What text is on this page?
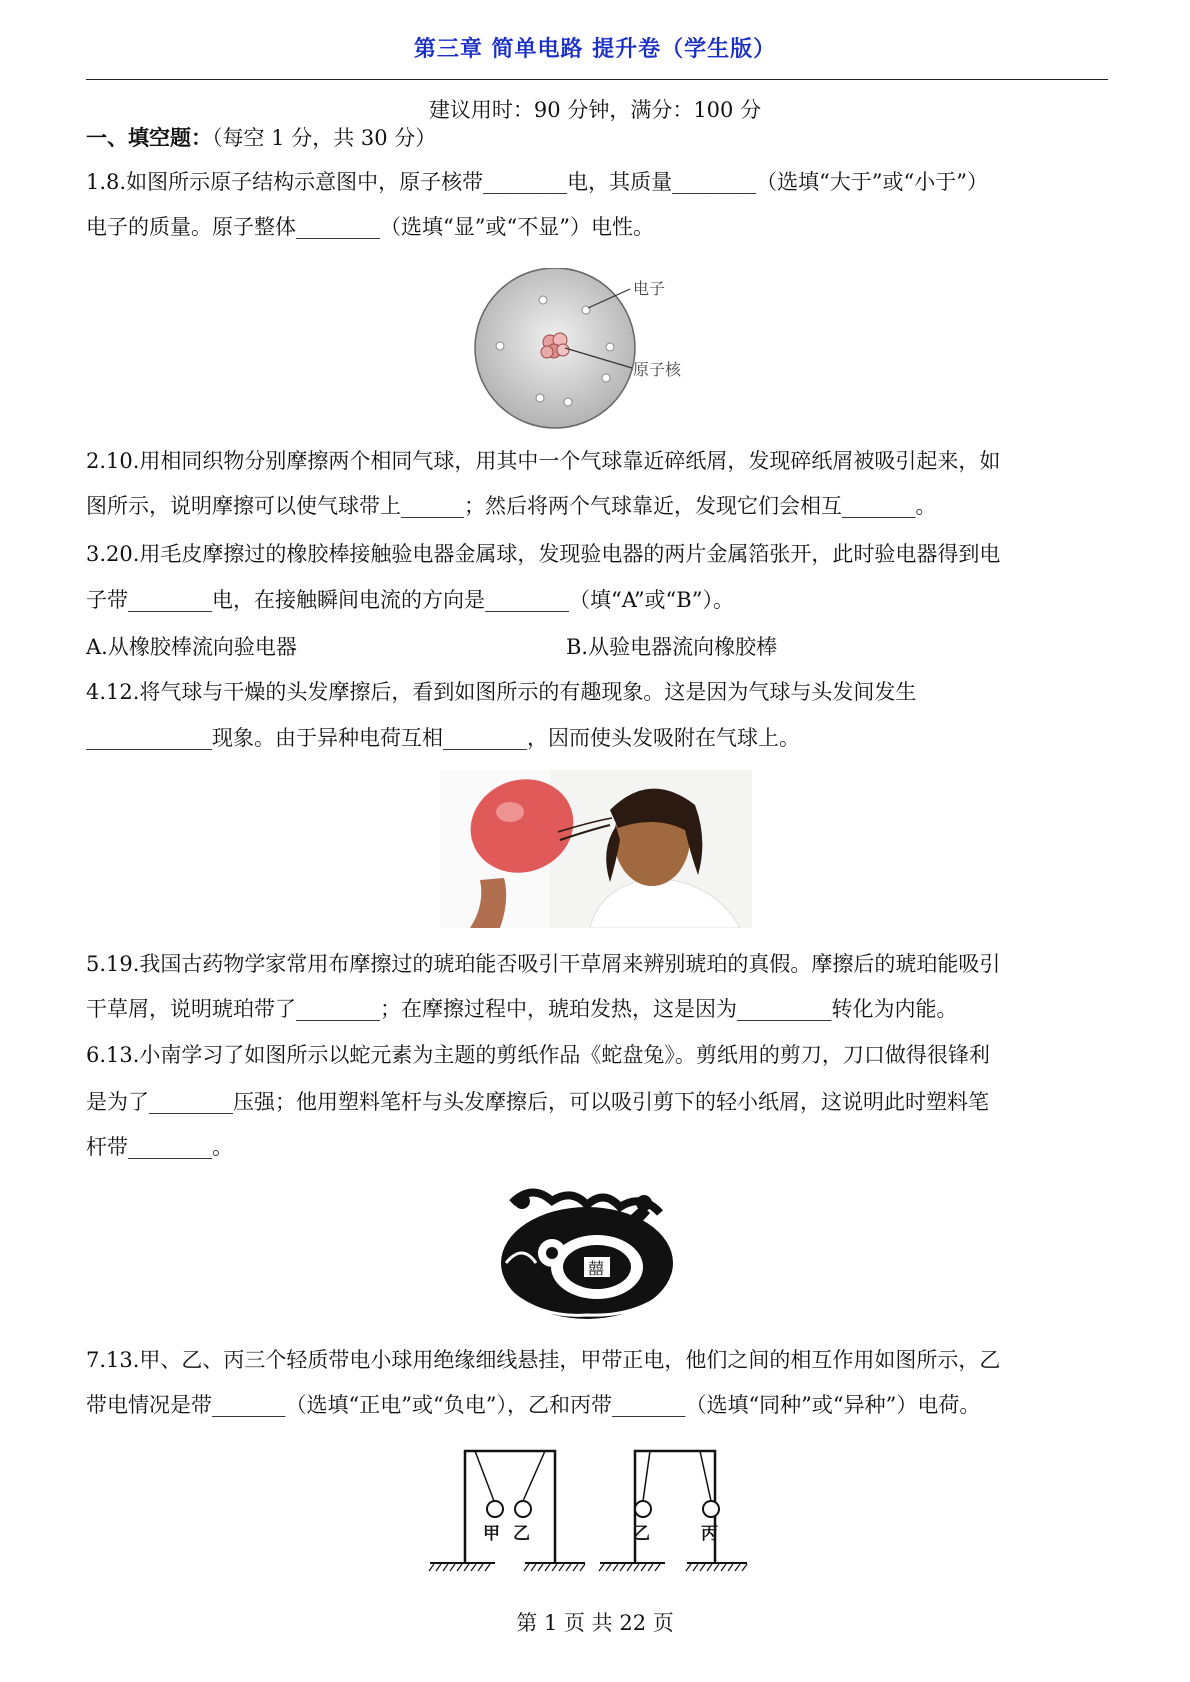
第三章 简单电路 提升卷（学生版）
建议用时：90 分钟，满分：100 分
一、填空题：（每空 1 分，共 30 分）
1.8.如图所示原子结构示意图中，原子核带________电，其质量________（选填“大于”或“小于”）
电子的质量。原子整体________（选填“显”或“不显”）电性。
电子
原子核
2.10.用相同织物分别摩擦两个相同气球，用其中一个气球靠近碎纸屑，发现碎纸屑被吸引起来，如
图所示，说明摩擦可以使气球带上______；然后将两个气球靠近，发现它们会相互_______。
3.20.用毛皮摩擦过的橡胶棒接触验电器金属球，发现验电器的两片金属箔张开，此时验电器得到电
子带________电，在接触瞬间电流的方向是________（填“A”或“B”）。
A.从橡胶棒流向验电器	B.从验电器流向橡胶棒
4.12.将气球与干燥的头发摩擦后，看到如图所示的有趣现象。这是因为气球与头发间发生
____________现象。由于异种电荷互相________，因而使头发吸附在气球上。
5.19.我国古药物学家常用布摩擦过的琥珀能否吸引干草屑来辨别琥珀的真假。摩擦后的琥珀能吸引
干草屑，说明琥珀带了________；在摩擦过程中，琥珀发热，这是因为_________转化为内能。
6.13.小南学习了如图所示以蛇元素为主题的剪纸作品《蛇盘兔》。剪纸用的剪刀，刀口做得很锋利
是为了________压强；他用塑料笔杆与头发摩擦后，可以吸引剪下的轻小纸屑，这说明此时塑料笔
杆带________。
囍
7.13.甲、乙、丙三个轻质带电小球用绝缘细线悬挂，甲带正电，他们之间的相互作用如图所示，乙
带电情况是带_______（选填“正电”或“负电”），乙和丙带_______（选填“同种”或“异种”）电荷。
甲 乙	乙	丙
第 1 页 共 22 页
